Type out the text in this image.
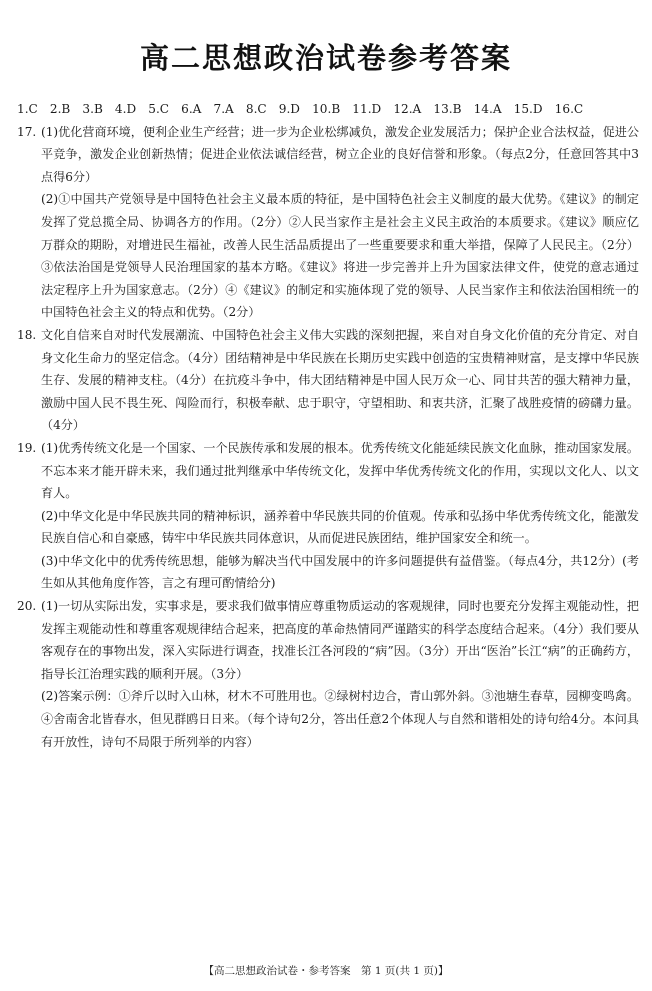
高二思想政治试卷参考答案

1.C　2.B　3.B　4.D　5.C　6.A　7.A　8.C　9.D　10.B　11.D　12.A　13.B　14.A　15.D　16.C

17. (1)优化营商环境，便利企业生产经营；进一步为企业松绑减负，激发企业发展活力；保护企业合法权益，促进公平竞争，激发企业创新热情；促进企业依法诚信经营，树立企业的良好信誉和形象。（每点2分，任意回答其中3点得6分）

(2)①中国共产党领导是中国特色社会主义最本质的特征，是中国特色社会主义制度的最大优势。《建议》的制定发挥了党总揽全局、协调各方的作用。（2分）②人民当家作主是社会主义民主政治的本质要求。《建议》顺应亿万群众的期盼，对增进民生福祉，改善人民生活品质提出了一些重要要求和重大举措，保障了人民民主。（2分）③依法治国是党领导人民治理国家的基本方略。《建议》将进一步完善并上升为国家法律文件，使党的意志通过法定程序上升为国家意志。（2分）④《建议》的制定和实施体现了党的领导、人民当家作主和依法治国相统一的中国特色社会主义的特点和优势。（2分）

18. 文化自信来自对时代发展潮流、中国特色社会主义伟大实践的深刻把握，来自对自身文化价值的充分肯定、对自身文化生命力的坚定信念。（4分）团结精神是中华民族在长期历史实践中创造的宝贵精神财富，是支撑中华民族生存、发展的精神支柱。（4分）在抗疫斗争中，伟大团结精神是中国人民万众一心、同甘共苦的强大精神力量，激励中国人民不畏生死、闯险而行，积极奉献、忠于职守，守望相助、和衷共济，汇聚了战胜疫情的磅礴力量。（4分）

19. (1)优秀传统文化是一个国家、一个民族传承和发展的根本。优秀传统文化能延续民族文化血脉，推动国家发展。不忘本来才能开辟未来，我们通过批判继承中华传统文化，发挥中华优秀传统文化的作用，实现以文化人、以文育人。

(2)中华文化是中华民族共同的精神标识，涵养着中华民族共同的价值观。传承和弘扬中华优秀传统文化，能激发民族自信心和自豪感，铸牢中华民族共同体意识，从而促进民族团结，维护国家安全和统一。

(3)中华文化中的优秀传统思想，能够为解决当代中国发展中的许多问题提供有益借鉴。（每点4分，共12分）(考生如从其他角度作答，言之有理可酌情给分)

20. (1)一切从实际出发，实事求是，要求我们做事情应尊重物质运动的客观规律，同时也要充分发挥主观能动性，把发挥主观能动性和尊重客观规律结合起来，把高度的革命热情同严谨踏实的科学态度结合起来。（4分）我们要从客观存在的事物出发，深入实际进行调查，找准长江各河段的“病”因。（3分）开出“医治”长江“病”的正确药方，指导长江治理实践的顺利开展。（3分）

(2)答案示例：①斧斤以时入山林，材木不可胜用也。②绿树村边合，青山郭外斜。③池塘生春草，园柳变鸣禽。④舍南舍北皆春水，但见群鸥日日来。（每个诗句2分，答出任意2个体现人与自然和谐相处的诗句给4分。本问具有开放性，诗句不局限于所列举的内容）

【高二思想政治试卷・参考答案　第 1 页(共 1 页)】
